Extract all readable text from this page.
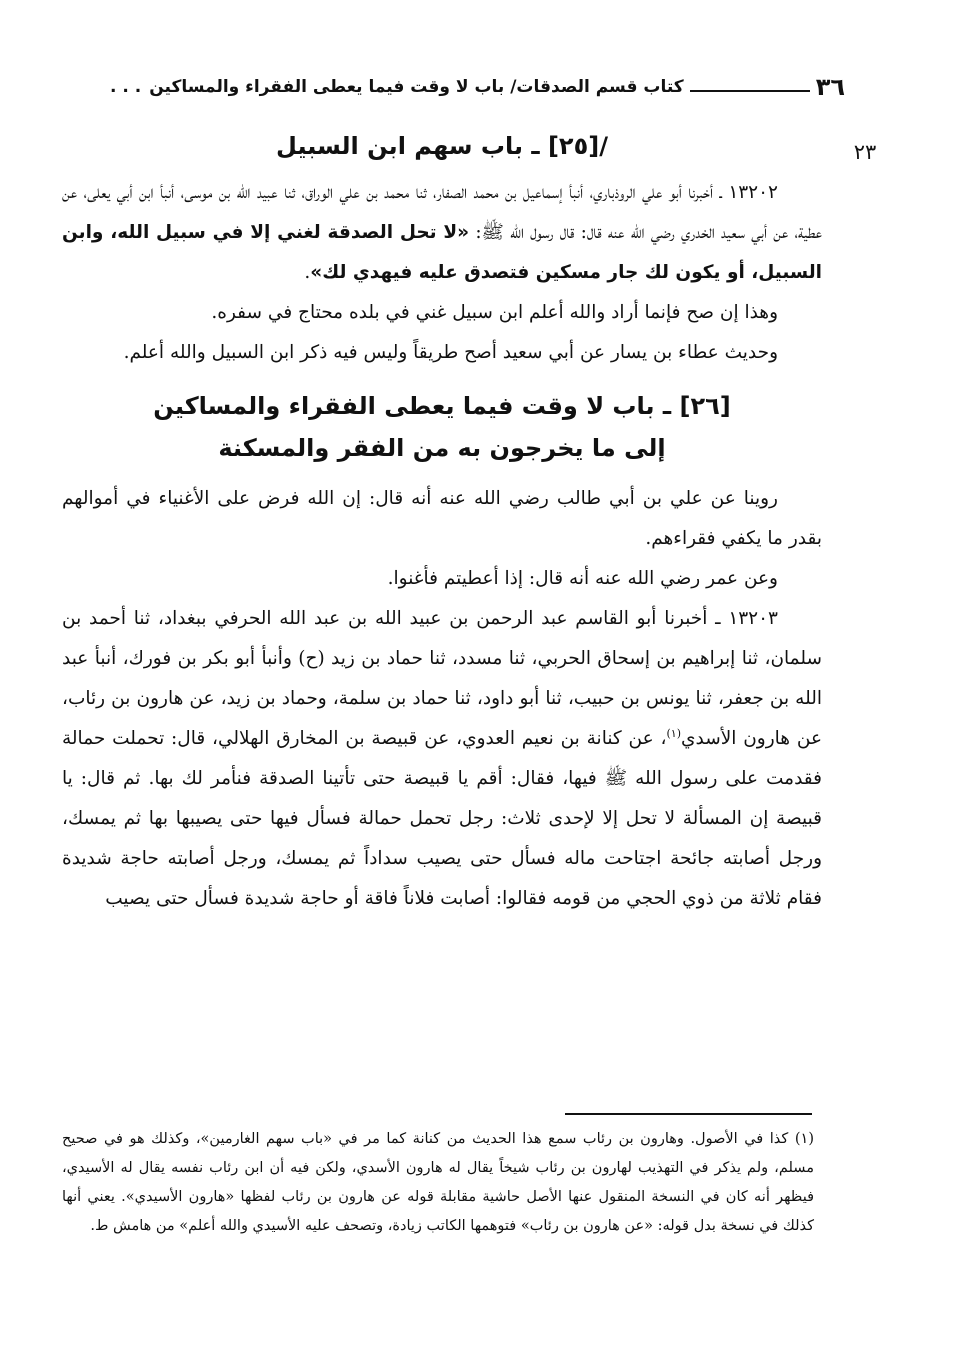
٣٦
كتاب قسم الصدقات/ باب لا وقت فيما يعطى الفقراء والمساكين
. . .
٢٣
/[٢٥] ـ باب سهم ابن السبيل

١٣٢٠٢ ـ أخبرنا أبو علي الروذباري، أنبأ إسماعيل بن محمد الصفار، ثنا محمد بن علي الوراق، ثنا عبيد الله بن موسى، أنبأ ابن أبي يعلى، عن عطية، عن أبي سعيد الخدري رضي الله عنه قال: قال رسول الله ﷺ: «لا تحل الصدقة لغني إلا في سبيل الله، وابن السبيل، أو يكون لك جار مسكين فتصدق عليه فيهدي لك».

وهذا إن صح فإنما أراد والله أعلم ابن سبيل غني في بلده محتاج في سفره.

وحديث عطاء بن يسار عن أبي سعيد أصح طريقاً وليس فيه ذكر ابن السبيل والله أعلم.

[٢٦] ـ باب لا وقت فيما يعطى الفقراء والمساكين
إلى ما يخرجون به من الفقر والمسكنة

روينا عن علي بن أبي طالب رضي الله عنه أنه قال: إن الله فرض على الأغنياء في أموالهم بقدر ما يكفي فقراءهم.

وعن عمر رضي الله عنه أنه قال: إذا أعطيتم فأغنوا.

١٣٢٠٣ ـ أخبرنا أبو القاسم عبد الرحمن بن عبيد الله بن عبد الله الحرفي ببغداد، ثنا أحمد بن سلمان، ثنا إبراهيم بن إسحاق الحربي، ثنا مسدد، ثنا حماد بن زيد (ح) وأنبأ أبو بكر بن فورك، أنبأ عبد الله بن جعفر، ثنا يونس بن حبيب، ثنا أبو داود، ثنا حماد بن سلمة، وحماد بن زيد، عن هارون بن رئاب، عن هارون الأسدي$^{(١)}$، عن كنانة بن نعيم العدوي، عن قبيصة بن المخارق الهلالي، قال: تحملت حمالة فقدمت على رسول الله ﷺ فيها، فقال: أقم يا قبيصة حتى تأتينا الصدقة فنأمر لك بها. ثم قال: يا قبيصة إن المسألة لا تحل إلا لإحدى ثلاث: رجل تحمل حمالة فسأل فيها حتى يصيبها بها ثم يمسك، ورجل أصابته جائحة اجتاحت ماله فسأل حتى يصيب سداداً ثم يمسك، ورجل أصابته حاجة شديدة فقام ثلاثة من ذوي الحجي من قومه فقالوا: أصابت فلاناً فاقة أو حاجة شديدة فسأل حتى يصيب

(١) كذا في الأصول. وهارون بن رئاب سمع هذا الحديث من كنانة كما مر في «باب سهم الغارمين»، وكذلك هو في صحيح مسلم، ولم يذكر في التهذيب لهارون بن رئاب شيخاً يقال له هارون الأسدي، ولكن فيه أن ابن رئاب نفسه يقال له الأسيدي، فيظهر أنه كان في النسخة المنقول عنها الأصل حاشية مقابلة قوله عن هارون بن رئاب لفظها «هارون الأسيدي». يعني أنها كذلك في نسخة بدل قوله: «عن هارون بن رئاب» فتوهمها الكاتب زيادة، وتصحف عليه الأسيدي والله أعلم» من هامش ط.
